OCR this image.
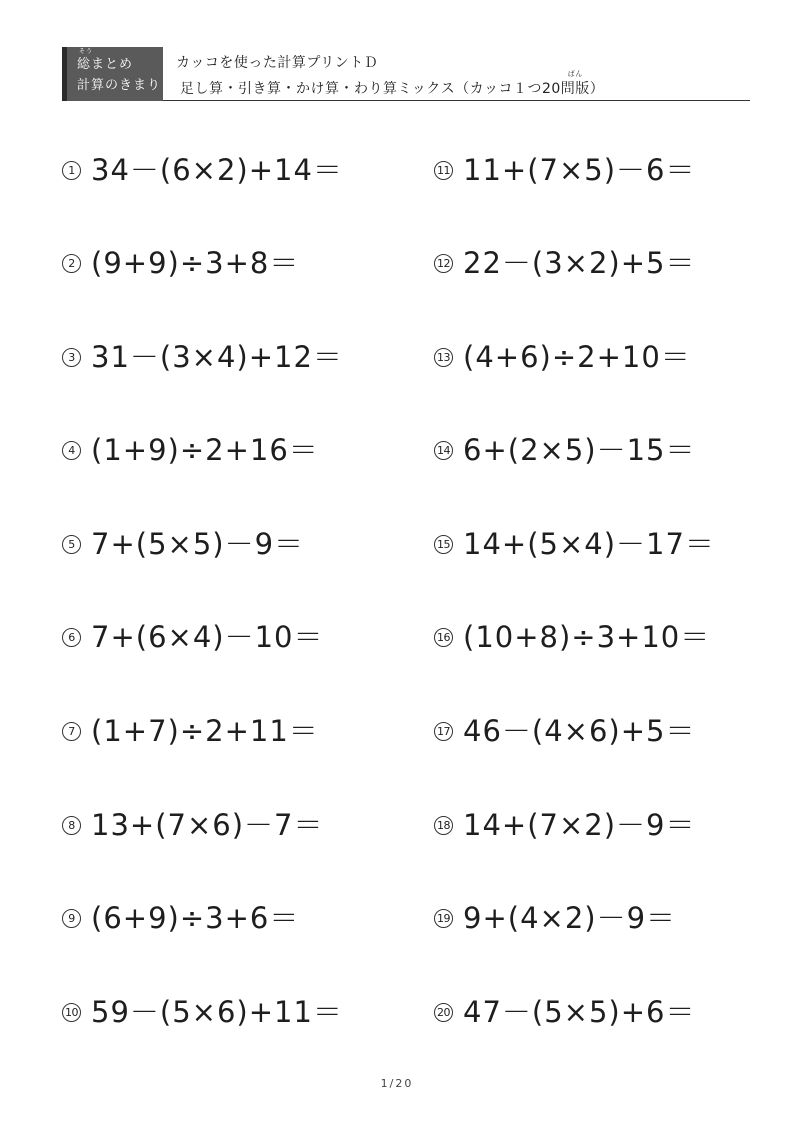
そう
総まとめ
計算のきまり
カッコを使った計算プリントＤ
足し算・引き算・かけ算・わり算ミックス（カッコ１つ20
ばん
問版）
1 34－(6×2)+14＝
2 (9+9)÷3+8＝
3 31－(3×4)+12＝
4 (1+9)÷2+16＝
5 7+(5×5)－9＝
6 7+(6×4)－10＝
7 (1+7)÷2+11＝
8 13+(7×6)－7＝
9 (6+9)÷3+6＝
10 59－(5×6)+11＝
11 11+(7×5)－6＝
12 22－(3×2)+5＝
13 (4+6)÷2+10＝
14 6+(2×5)－15＝
15 14+(5×4)－17＝
16 (10+8)÷3+10＝
17 46－(4×6)+5＝
18 14+(7×2)－9＝
19 9+(4×2)－9＝
20 47－(5×5)+6＝
1/20
